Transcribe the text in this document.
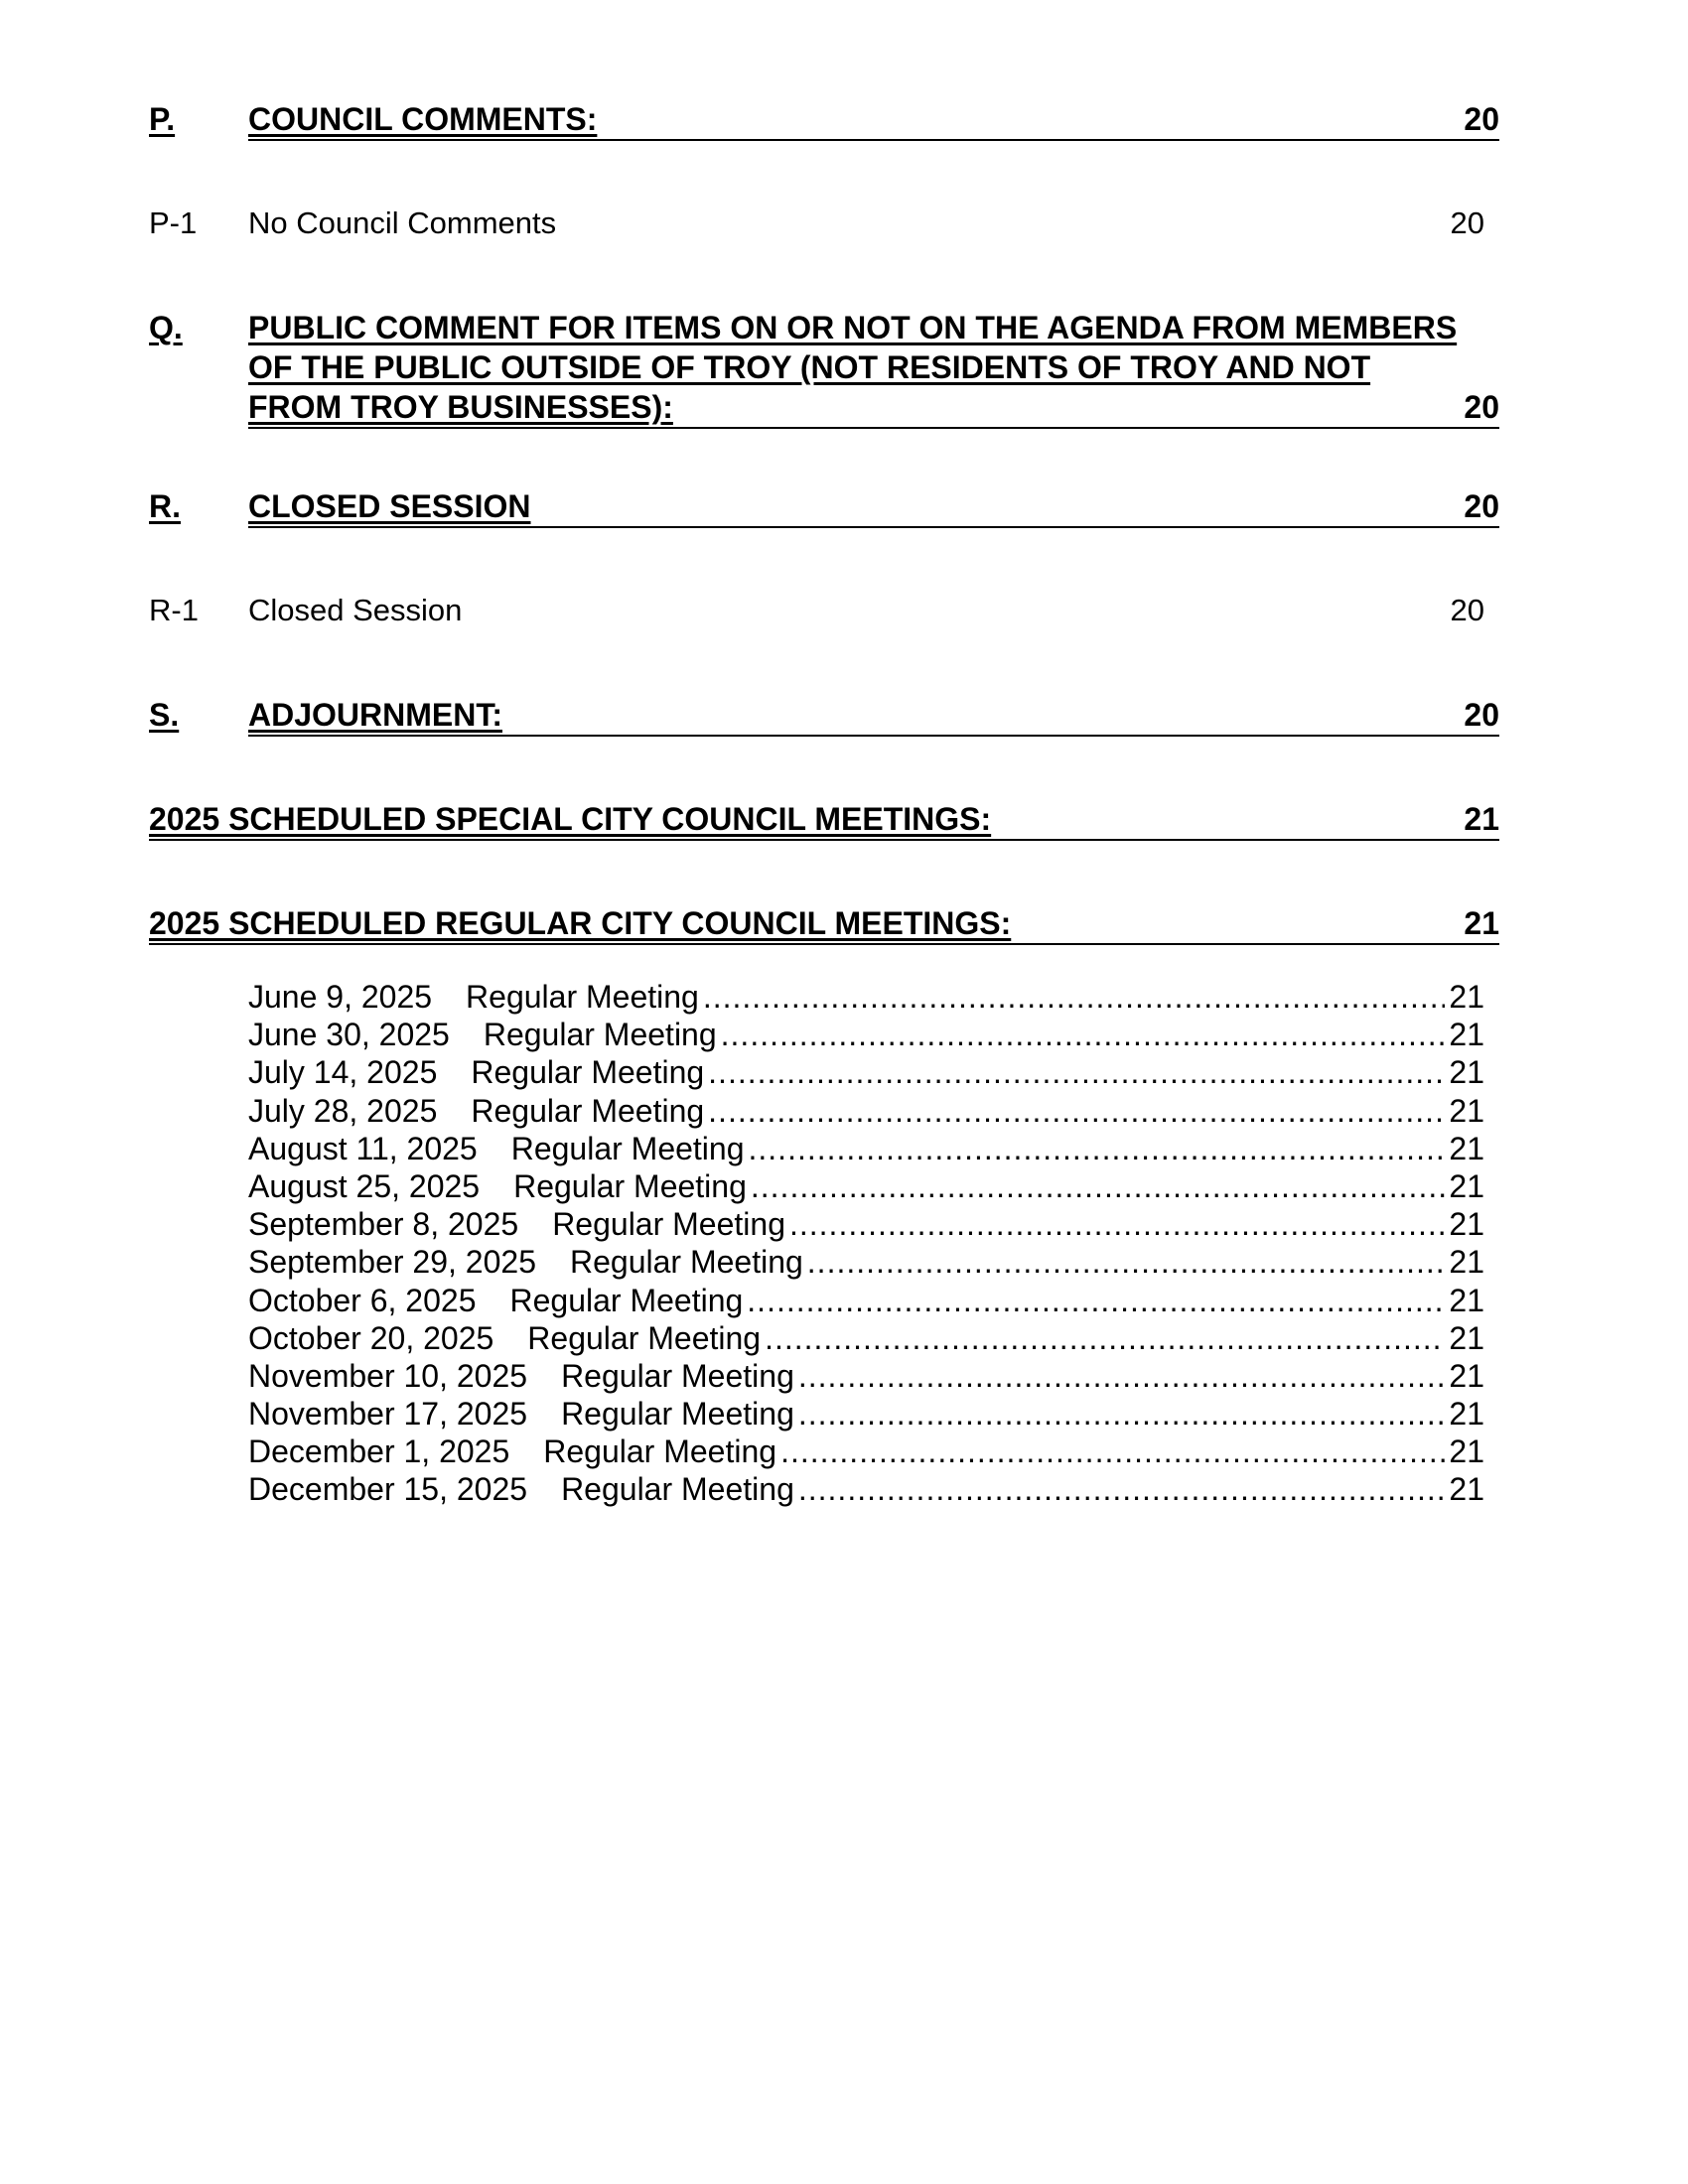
P. COUNCIL COMMENTS:	20
P-1 No Council Comments	20
Q. PUBLIC COMMENT FOR ITEMS ON OR NOT ON THE AGENDA FROM MEMBERS
OF THE PUBLIC OUTSIDE OF TROY (NOT RESIDENTS OF TROY AND NOT
FROM TROY BUSINESSES):	20
R. CLOSED SESSION	20
R-1 Closed Session	20
S. ADJOURNMENT:	20
2025 SCHEDULED SPECIAL CITY COUNCIL MEETINGS:	21
2025 SCHEDULED REGULAR CITY COUNCIL MEETINGS:	21
June 9, 2025 Regular Meeting .....	21
June 30, 2025 Regular Meeting .....	21
July 14, 2025 Regular Meeting .....	21
July 28, 2025 Regular Meeting .....	21
August 11, 2025 Regular Meeting .....	21
August 25, 2025 Regular Meeting .....	21
September 8, 2025 Regular Meeting .....	21
September 29, 2025 Regular Meeting .....	21
October 6, 2025 Regular Meeting .....	21
October 20, 2025 Regular Meeting .....	21
November 10, 2025 Regular Meeting .....	21
November 17, 2025 Regular Meeting .....	21
December 1, 2025 Regular Meeting .....	21
December 15, 2025 Regular Meeting .....	21
